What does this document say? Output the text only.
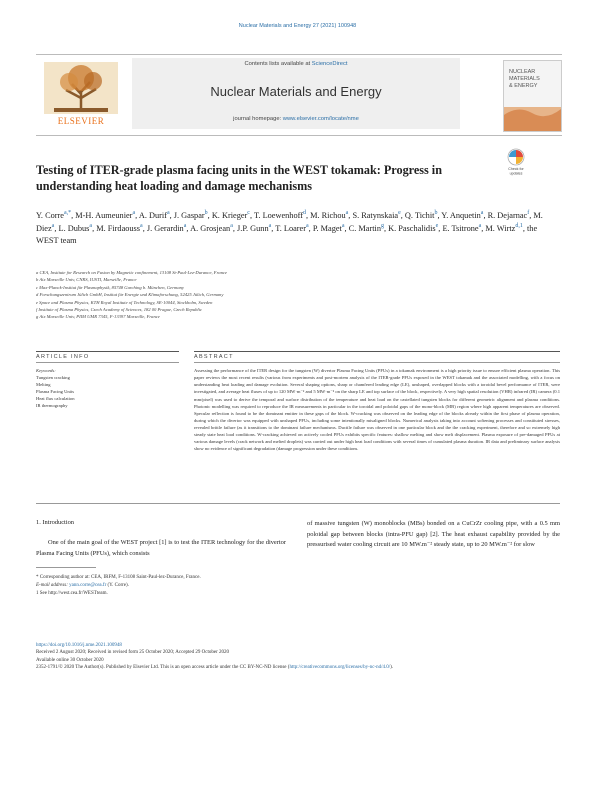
Nuclear Materials and Energy 27 (2021) 100948
ELSEVIER
Contents lists available at ScienceDirect
Nuclear Materials and Energy
journal homepage: www.elsevier.com/locate/nme
NUCLEAR
MATERIALS
& ENERGY
Testing of ITER-grade plasma facing units in the WEST tokamak: Progress in understanding heat loading and damage mechanisms
Check for
updates
Y. Corre$^{a,*}$, M-H. Aumeunier$^a$, A. Durif$^a$, J. Gaspar$^b$, K. Krieger$^c$, T. Loewenhoff$^d$, M. Richou$^a$, S. Ratynskaia$^e$, Q. Tichit$^b$, Y. Anquetin$^a$, R. Dejarnac$^f$, M. Diez$^a$, L. Dubus$^a$, M. Firdaouss$^a$, J. Gerardin$^a$, A. Grosjean$^a$, J.P. Gunn$^a$, T. Loarer$^a$, P. Maget$^a$, C. Martin$^g$, K. Paschalidis$^e$, E. Tsitrone$^a$, M. Wirtz$^{d,1}$, the WEST team
a CEA, Institute for Research on Fusion by Magnetic confinement, 13108 St-Paul-Lez-Durance, France
b Aix Marseille Univ, CNRS, IUSTI, Marseille, France
c Max-Planck-Institut für Plasmaphysik, 85748 Garching b. München, Germany
d Forschungszentrum Jülich GmbH, Institut für Energie und Klimaforschung, 52425 Jülich, Germany
e Space and Plasma Physics, KTH Royal Institute of Technology, SE-10044, Stockholm, Sweden
f Institute of Plasma Physics, Czech Academy of Sciences, 182 00 Prague, Czech Republic
g Aix Marseille Univ, PIIM UMR 7345, F-13397 Marseille, France
ARTICLE INFO	ABSTRACT
Keywords:
Tungsten cracking
Melting
Plasma Facing Units
Heat flux calculation
IR thermography
Assessing the performance of the ITER design for the tungsten (W) divertor Plasma Facing Units (PFUs) in a tokamak environment is a high priority issue to ensure efficient plasma operation. This paper reviews the most recent results (various from experiments and post-mortem analysis of the ITER-grade PFUs exposed in the WEST tokamak and the associated modelling, with a focus on understanding heat loading and damage evolution. Several shaping options, sharp or chamfered leading edge (LE), unshaped, overlapped blocks with a toroidal bevel performance of ITER, were investigated, and average heat fluxes of up to 120 MW·m⁻² and 5 MW·m⁻² on the sharp LE and top surface of the block, respectively. A very high spatial resolution (VHR) infrared (IR) camera (0.1 mm/pixel) was used to derive the temporal and surface distribution of the temperature and heat load on the castellated tungsten blocks for different geometric alignment and plasma conditions. Photonic modelling was required to reproduce the IR measurements in particular in the toroidal and poloidal gaps of the mono-block (MB) region where high apparent temperatures are observed. Specular reflection is found to be the dominant emitter in these gaps of the block. W-cracking was observed on the leading edge of the blocks already within the first phase of plasma operation, during which the divertor was equipped with unshaped PFUs, including some intentionally misaligned blocks. Numerical analysis taking into account softening processes and constituted stresses, revealed brittle failure (as it transitions to the dominant failure mechanisms. Ductile failure was observed in one particular block and the the cracking experiment, therefore and so extremely high steady state heat load conditions. W-cracking achieved on actively cooled PFUs exhibits specific features: shallow melting and show melt displacement. Plasma exposure of pre-damaged PFUs at various damage levels (crack network and melted droplets) was carried out under high heat load conditions with several times of cumulated plasma duration. IR data and preliminary surface analysis show no evidence of significant degradation (damage progression under these conditions.
1. Introduction
One of the main goal of the WEST project [1] is to test the ITER technology for the divertor Plasma Facing Units (PFUs), which consists
of massive tungsten (W) monoblocks (MBs) bonded on a CuCrZr cooling pipe, with a 0.5 mm poloidal gap between blocks (intra-PFU gap) [2]. The heat exhaust capability provided by the pressurised water cooling circuit are 10 MW.m⁻² steady state, up to 20 MW.m⁻² for slow
* Corresponding author at: CEA, IRFM, F-13108 Saint-Paul-lez-Durance, France.
E-mail address: yann.corre@cea.fr (Y. Corre).
1 See http://west.cea.fr/WESTteam.
https://doi.org/10.1016/j.nme.2021.100948
Received 2 August 2020; Received in revised form 25 October 2020; Accepted 29 October 2020
Available online 30 October 2020
2352-1791/© 2020 The Author(s). Published by Elsevier Ltd. This is an open access article under the CC BY-NC-ND license (http://creativecommons.org/licenses/by-nc-nd/4.0/).
